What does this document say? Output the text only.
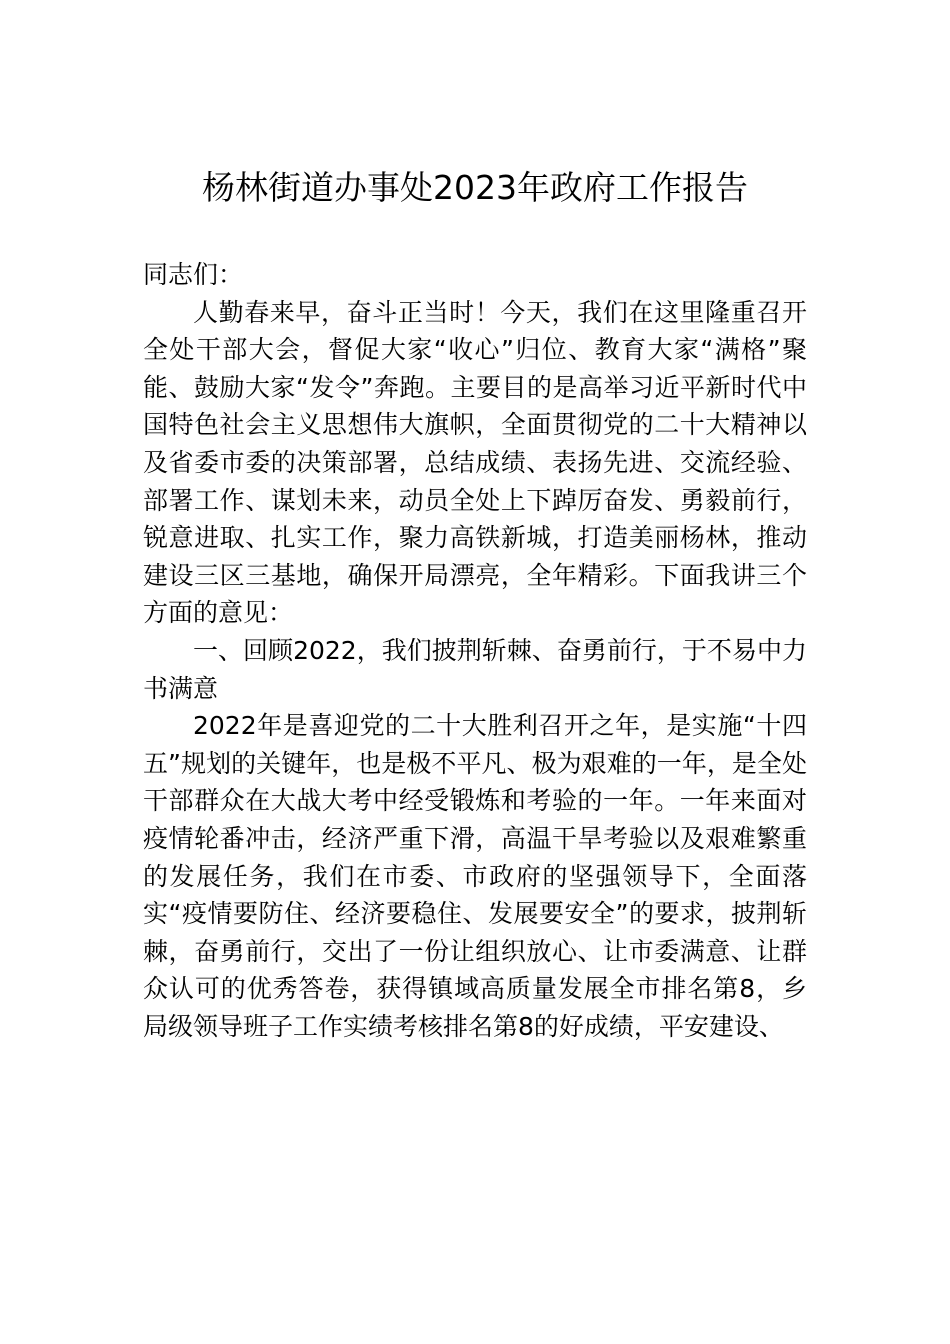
杨林街道办事处2023年政府工作报告

同志们：

人勤春来早，奋斗正当时！今天，我们在这里隆重召开全处干部大会，督促大家“收心”归位、教育大家“满格”聚能、鼓励大家“发令”奔跑。主要目的是高举习近平新时代中国特色社会主义思想伟大旗帜，全面贯彻党的二十大精神以及省委市委的决策部署，总结成绩、表扬先进、交流经验、部署工作、谋划未来，动员全处上下踔厉奋发、勇毅前行，锐意进取、扎实工作，聚力高铁新城，打造美丽杨林，推动建设三区三基地，确保开局漂亮，全年精彩。下面我讲三个方面的意见：

一、回顾2022，我们披荆斩棘、奋勇前行，于不易中力书满意

2022年是喜迎党的二十大胜利召开之年，是实施“十四五”规划的关键年，也是极不平凡、极为艰难的一年，是全处干部群众在大战大考中经受锻炼和考验的一年。一年来面对疫情轮番冲击，经济严重下滑，高温干旱考验以及艰难繁重的发展任务，我们在市委、市政府的坚强领导下，全面落实“疫情要防住、经济要稳住、发展要安全”的要求，披荆斩棘，奋勇前行，交出了一份让组织放心、让市委满意、让群众认可的优秀答卷，获得镇域高质量发展全市排名第8，乡局级领导班子工作实绩考核排名第8的好成绩，平安建设、
